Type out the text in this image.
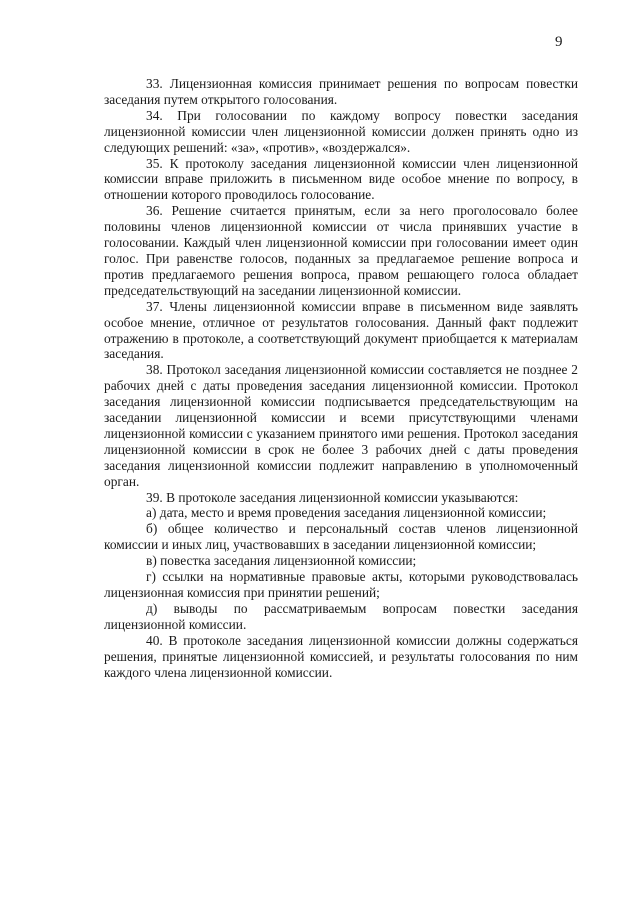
9

33. Лицензионная комиссия принимает решения по вопросам повестки заседания путем открытого голосования.

34. При голосовании по каждому вопросу повестки заседания лицензионной комиссии член лицензионной комиссии должен принять одно из следующих решений: «за», «против», «воздержался».

35. К протоколу заседания лицензионной комиссии член лицензионной комиссии вправе приложить в письменном виде особое мнение по вопросу, в отношении которого проводилось голосование.

36. Решение считается принятым, если за него проголосовало более половины членов лицензионной комиссии от числа принявших участие в голосовании. Каждый член лицензионной комиссии при голосовании имеет один голос. При равенстве голосов, поданных за предлагаемое решение вопроса и против предлагаемого решения вопроса, правом решающего голоса обладает председательствующий на заседании лицензионной комиссии.

37. Члены лицензионной комиссии вправе в письменном виде заявлять особое мнение, отличное от результатов голосования. Данный факт подлежит отражению в протоколе, а соответствующий документ приобщается к материалам заседания.

38. Протокол заседания лицензионной комиссии составляется не позднее 2 рабочих дней с даты проведения заседания лицензионной комиссии. Протокол заседания лицензионной комиссии подписывается председательствующим на заседании лицензионной комиссии и всеми присутствующими членами лицензионной комиссии с указанием принятого ими решения. Протокол заседания лицензионной комиссии в срок не более 3 рабочих дней с даты проведения заседания лицензионной комиссии подлежит направлению в уполномоченный орган.

39. В протоколе заседания лицензионной комиссии указываются:

а) дата, место и время проведения заседания лицензионной комиссии;

б) общее количество и персональный состав членов лицензионной комиссии и иных лиц, участвовавших в заседании лицензионной комиссии;

в) повестка заседания лицензионной комиссии;

г) ссылки на нормативные правовые акты, которыми руководствовалась лицензионная комиссия при принятии решений;

д) выводы по рассматриваемым вопросам повестки заседания лицензионной комиссии.

40. В протоколе заседания лицензионной комиссии должны содержаться решения, принятые лицензионной комиссией, и результаты голосования по ним каждого члена лицензионной комиссии.
